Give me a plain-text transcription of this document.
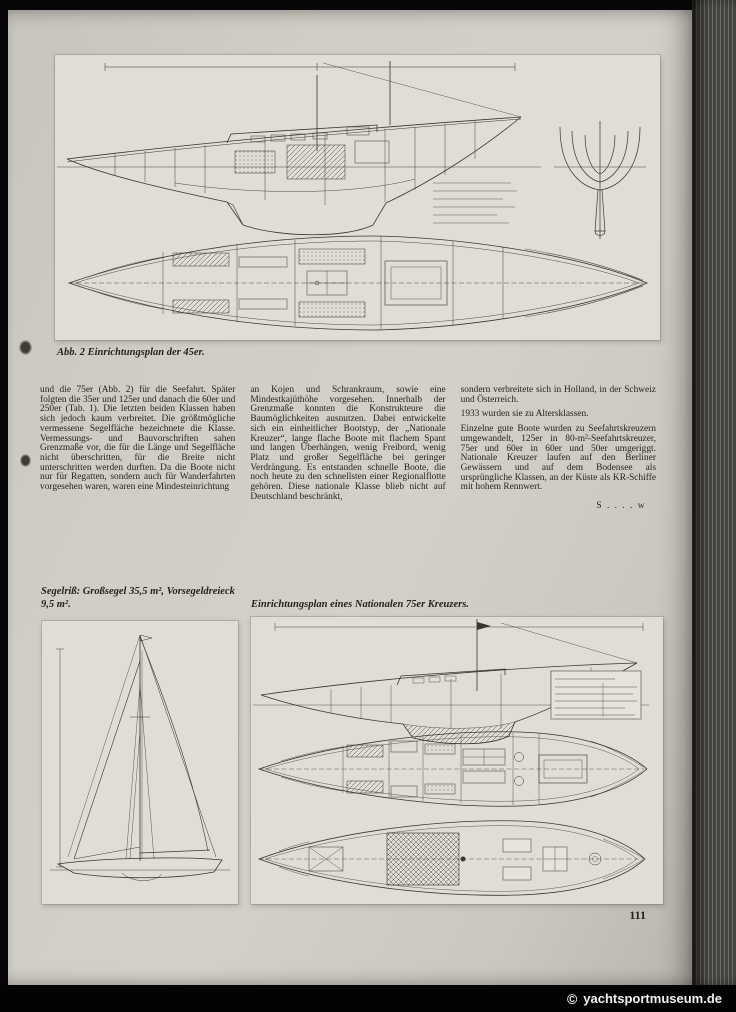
Abb. 2 Einrichtungsplan der 45er.
und die 75er (Abb. 2) für die Seefahrt. Später folgten die 35er und 125er und danach die 60er und 250er (Tab. 1). Die letzten beiden Klassen haben sich jedoch kaum verbreitet. Die größtmögliche vermessene Segelfläche bezeichnete die Klasse. Vermessungs- und Bauvorschriften sahen Grenzmaße vor, die für die Länge und Segelfläche nicht überschritten, für die Breite nicht unterschritten werden durften. Da die Boote nicht nur für Regatten, sondern auch für Wanderfahrten vorgesehen waren, waren eine Mindesteinrichtung
an Kojen und Schrankraum, sowie eine Mindestkajüthöhe vorgesehen. Innerhalb der Grenzmaße konnten die Konstrukteure die Baumöglichkeiten ausnutzen. Dabei entwickelte sich ein einheitlicher Bootstyp, der „Nationale Kreuzer“, lange flache Boote mit flachem Spant und langen Überhängen, wenig Freibord, wenig Platz und großer Segelfläche bei geringer Verdrängung. Es entstanden schnelle Boote, die noch heute zu den schnellsten einer Regionalflotte gehören. Diese nationale Klasse blieb nicht auf Deutschland beschränkt,

sondern verbreitete sich in Holland, in der Schweiz und Österreich.

1933 wurden sie zu Altersklassen.

Einzelne gute Boote wurden zu Seefahrtskreuzern umgewandelt, 125er in 80-m²-Seefahrtskreuzer, 75er und 60er in 60er und 50er umgeriggt. Nationale Kreuzer laufen auf den Berliner Gewässern und auf dem Bodensee als ursprüngliche Klassen, an der Küste als KR-Schiffe mit hohem Rennwert.

S . . . . w

Segelriß: Großsegel 35,5 m², Vorsegeldreieck 9,5 m².	Einrichtungsplan eines Nationalen 75er Kreuzers.
111
© yachtsportmuseum.de
